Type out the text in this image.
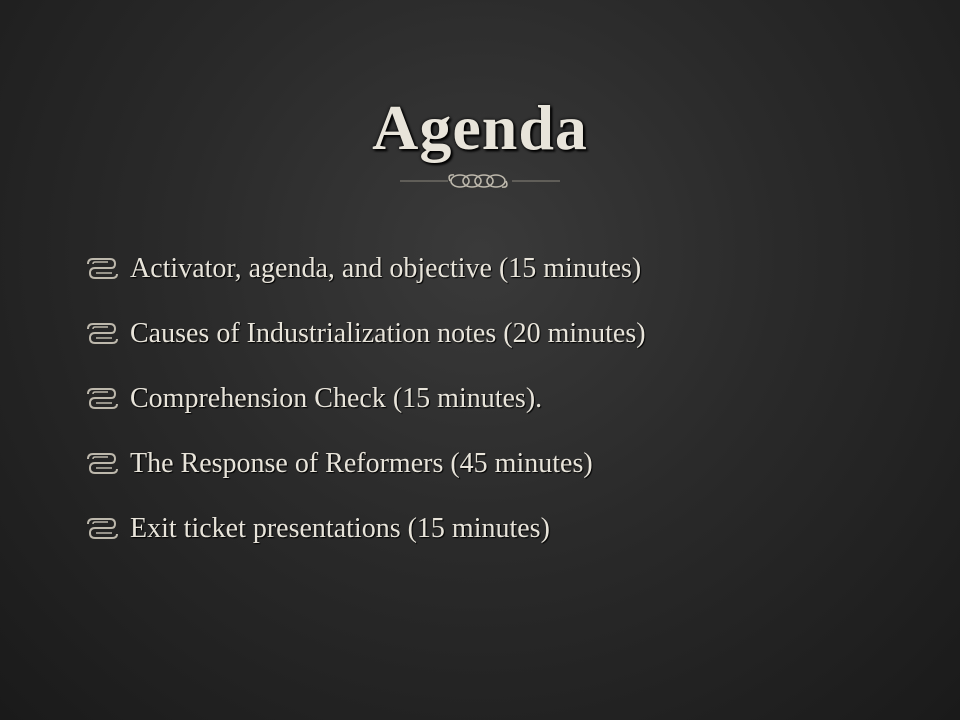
Agenda
Activator, agenda, and objective (15 minutes)
Causes of Industrialization notes (20 minutes)
Comprehension Check (15 minutes).
The Response of Reformers (45 minutes)
Exit ticket presentations (15 minutes)
